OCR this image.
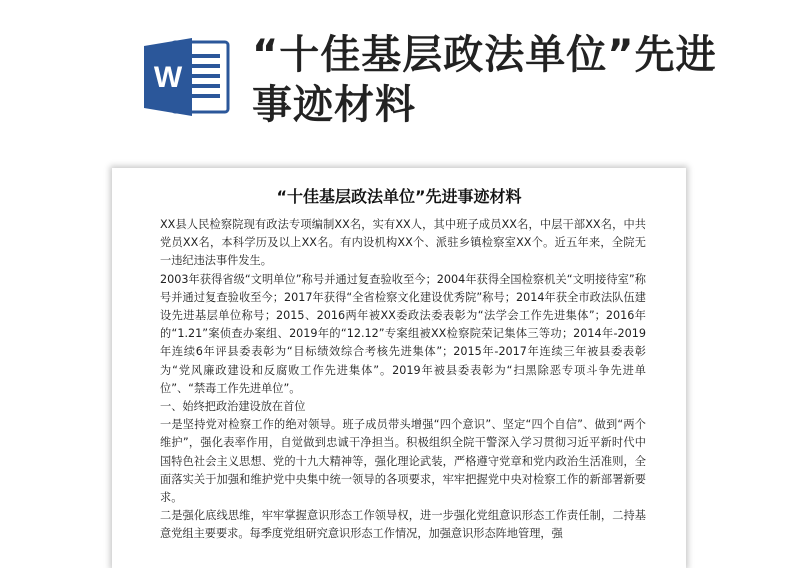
W “十佳基层政法单位”先进事迹材料
“十佳基层政法单位”先进事迹材料

XX县人民检察院现有政法专项编制XX名，实有XX人，其中班子成员XX名，中层干部XX名，中共党员XX名，本科学历及以上XX名。有内设机构XX个、派驻乡镇检察室XX个。近五年来，全院无一违纪违法事件发生。

2003年获得省级“文明单位”称号并通过复查验收至今；2004年获得全国检察机关“文明接待室”称号并通过复查验收至今；2017年获得“全省检察文化建设优秀院”称号；2014年获全市政法队伍建设先进基层单位称号；2015、2016两年被XX委政法委表彰为“法学会工作先进集体”；2016年的“1.21”案侦查办案组、2019年的“12.12”专案组被XX检察院荣记集体三等功；2014年-2019年连续6年评县委表彰为“目标绩效综合考核先进集体”；2015年-2017年连续三年被县委表彰为“党风廉政建设和反腐败工作先进集体”。2019年被县委表彰为“扫黑除恶专项斗争先进单位”、“禁毒工作先进单位”。

一、始终把政治建设放在首位

一是坚持党对检察工作的绝对领导。班子成员带头增强“四个意识”、坚定“四个自信”、做到“两个维护”，强化表率作用，自觉做到忠诚干净担当。积极组织全院干警深入学习贯彻习近平新时代中国特色社会主义思想、党的十九大精神等，强化理论武装，严格遵守党章和党内政治生活准则，全面落实关于加强和维护党中央集中统一领导的各项要求，牢牢把握党中央对检察工作的新部署新要求。

二是强化底线思维，牢牢掌握意识形态工作领导权，进一步强化党组意识形态工作责任制，二持基意党组主要要求。每季度党组研究意识形态工作情况，加强意识形态阵地管理，强
